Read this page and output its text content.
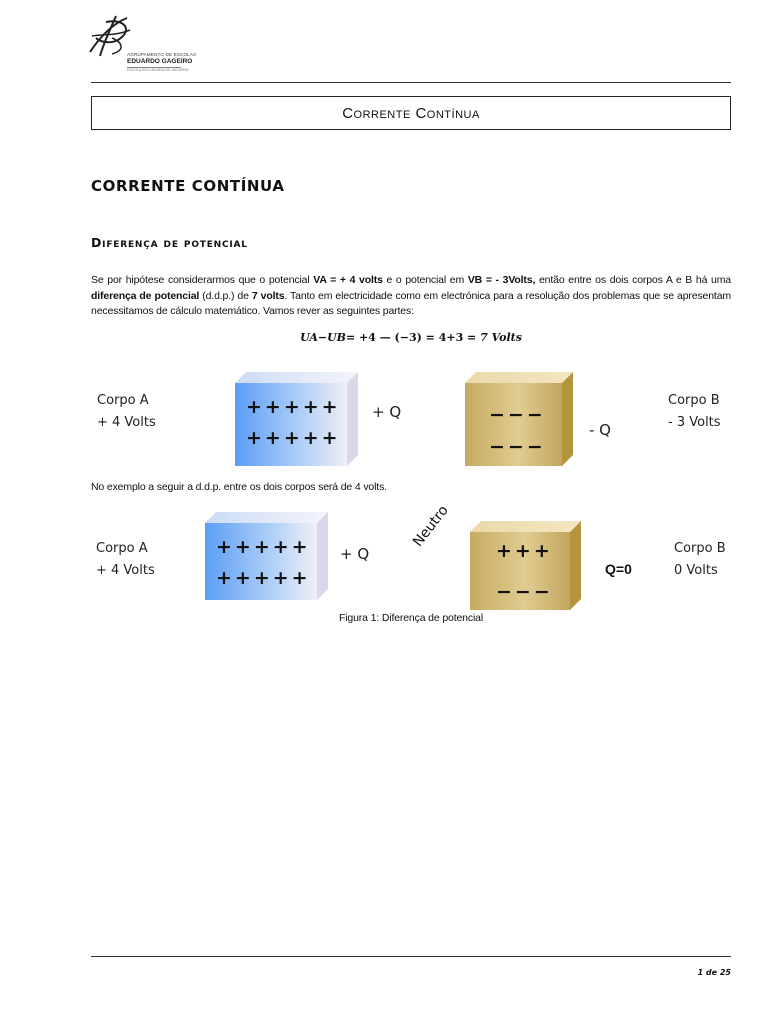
AGRUPAMENTO DE ESCOLAS
EDUARDO GAGEIRO
ESCOLA SECUNDÁRIA DE SACAVÉM
Corrente Contínua
CORRENTE CONTÍNUA
Diferença de potencial
Se por hipótese considerarmos que o potencial VA = + 4 volts e o potencial em VB = - 3Volts, então entre os dois corpos A e B há uma diferença de potencial (d.d.p.) de 7 volts. Tanto em electricidade como em electrónica para a resolução dos problemas que se apresentam necessitamos de cálculo matemático. Vamos rever as seguintes partes:
UA−UB= +4 — (−3) = 4+3 = 7 Volts
Corpo A
+ 4 Volts
+++++
+++++
+ Q	−−−
−−−
- Q
Corpo B
- 3 Volts
No exemplo a seguir a d.d.p. entre os dois corpos será de 4 volts.
Corpo A
+ 4 Volts
+++++
+++++
+ Q
Neutro
+++
−−−
Q=0
Corpo B
0 Volts
Figura 1: Diferença de potencial
1 de 25
